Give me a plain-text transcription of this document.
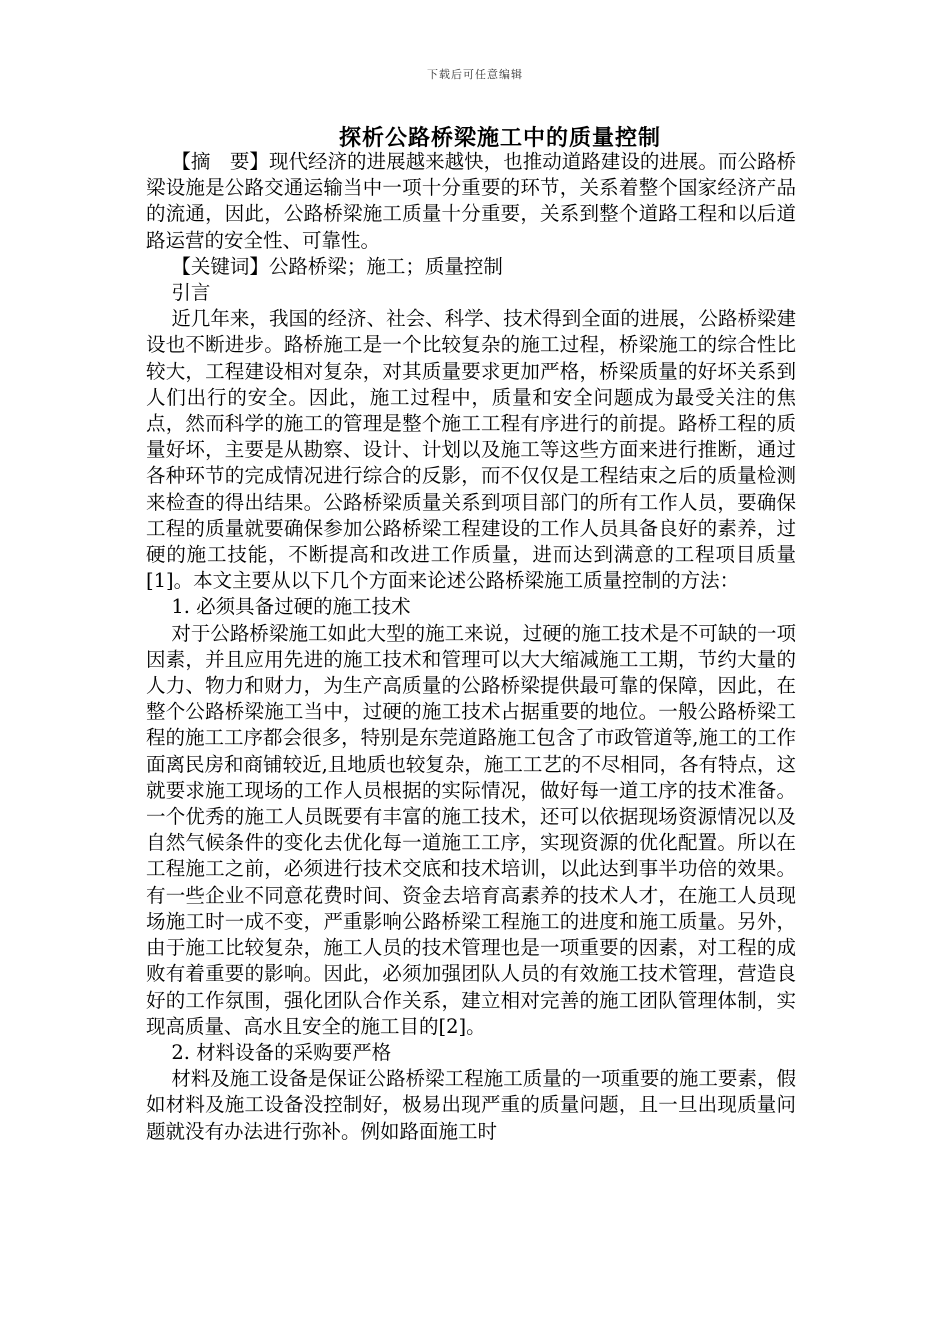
下载后可任意编辑
探析公路桥梁施工中的质量控制

【摘　要】现代经济的进展越来越快，也推动道路建设的进展。而公路桥梁设施是公路交通运输当中一项十分重要的环节，关系着整个国家经济产品的流通，因此，公路桥梁施工质量十分重要，关系到整个道路工程和以后道路运营的安全性、可靠性。

【关键词】公路桥梁；施工；质量控制

引言

近几年来，我国的经济、社会、科学、技术得到全面的进展，公路桥梁建设也不断进步。路桥施工是一个比较复杂的施工过程，桥梁施工的综合性比较大，工程建设相对复杂，对其质量要求更加严格，桥梁质量的好坏关系到人们出行的安全。因此，施工过程中，质量和安全问题成为最受关注的焦点，然而科学的施工的管理是整个施工工程有序进行的前提。路桥工程的质量好坏，主要是从勘察、设计、计划以及施工等这些方面来进行推断，通过各种环节的完成情况进行综合的反影，而不仅仅是工程结束之后的质量检测来检查的得出结果。公路桥梁质量关系到项目部门的所有工作人员，要确保工程的质量就要确保参加公路桥梁工程建设的工作人员具备良好的素养，过硬的施工技能，不断提高和改进工作质量，进而达到满意的工程项目质量[1]。本文主要从以下几个方面来论述公路桥梁施工质量控制的方法：

1. 必须具备过硬的施工技术

对于公路桥梁施工如此大型的施工来说，过硬的施工技术是不可缺的一项因素，并且应用先进的施工技术和管理可以大大缩减施工工期，节约大量的人力、物力和财力，为生产高质量的公路桥梁提供最可靠的保障，因此，在整个公路桥梁施工当中，过硬的施工技术占据重要的地位。一般公路桥梁工程的施工工序都会很多，特别是东莞道路施工包含了市政管道等,施工的工作面离民房和商铺较近,且地质也较复杂，施工工艺的不尽相同，各有特点，这就要求施工现场的工作人员根据的实际情况，做好每一道工序的技术准备。一个优秀的施工人员既要有丰富的施工技术，还可以依据现场资源情况以及自然气候条件的变化去优化每一道施工工序，实现资源的优化配置。所以在工程施工之前，必须进行技术交底和技术培训，以此达到事半功倍的效果。有一些企业不同意花费时间、资金去培育高素养的技术人才，在施工人员现场施工时一成不变，严重影响公路桥梁工程施工的进度和施工质量。另外，由于施工比较复杂，施工人员的技术管理也是一项重要的因素，对工程的成败有着重要的影响。因此，必须加强团队人员的有效施工技术管理，营造良好的工作氛围，强化团队合作关系，建立相对完善的施工团队管理体制，实现高质量、高水且安全的施工目的[2]。

2. 材料设备的采购要严格

材料及施工设备是保证公路桥梁工程施工质量的一项重要的施工要素，假如材料及施工设备没控制好，极易出现严重的质量问题，且一旦出现质量问题就没有办法进行弥补。例如路面施工时
